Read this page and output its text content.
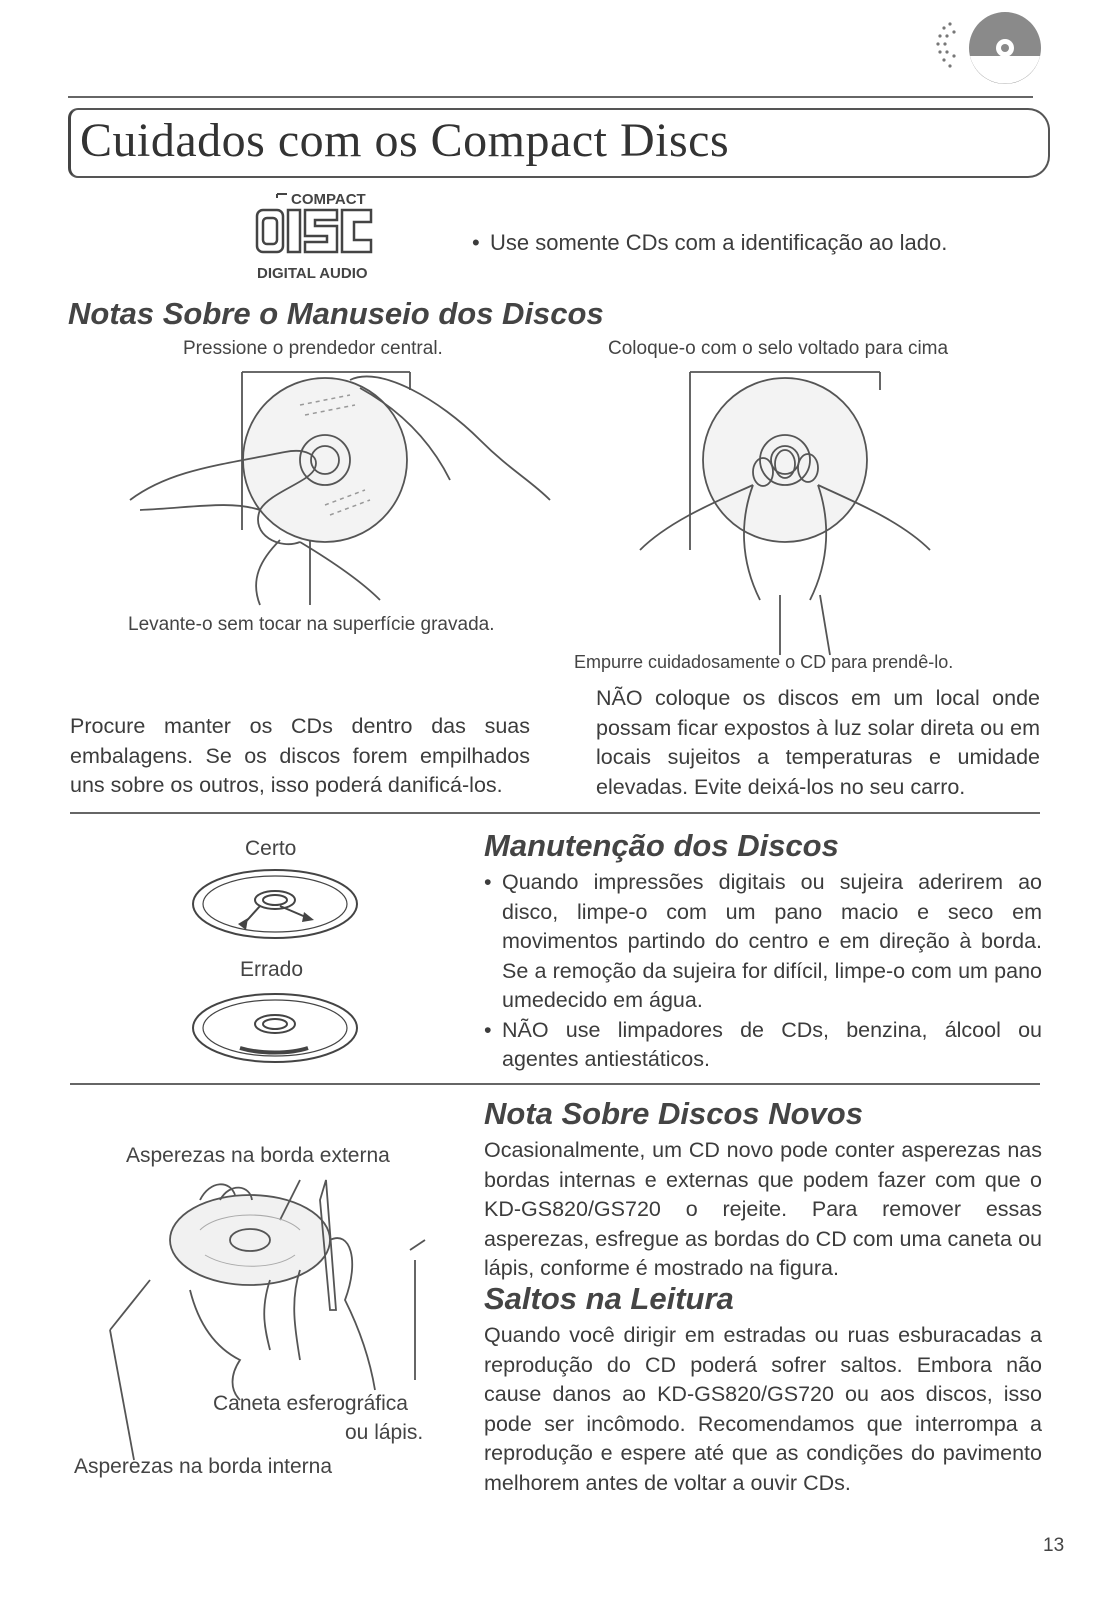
Cuidados com os Compact Discs
COMPACT
DIGITAL AUDIO
• Use somente CDs com a identificação ao lado.
Notas Sobre o Manuseio dos Discos
Pressione o prendedor central.	Coloque-o com o selo voltado para cima
Levante-o sem tocar na superfície gravada.
Empurre cuidadosamente o CD para prendê-lo.
Procure manter os CDs dentro das suas embalagens. Se os discos forem empilhados uns sobre os outros, isso poderá danificá-los.
NÃO coloque os discos em um local onde possam ficar expostos à luz solar direta ou em locais sujeitos a temperaturas e umidade elevadas. Evite deixá-los no seu carro.
Certo
Errado
Manutenção dos Discos
• Quando impressões digitais ou sujeira aderirem ao disco, limpe-o com um pano macio e seco em movimentos partindo do centro e em direção à borda. Se a remoção da sujeira for difícil, limpe-o com um pano umedecido em água.
• NÃO use limpadores de CDs, benzina, álcool ou agentes antiestáticos.
Asperezas na borda externa
Caneta esferográfica
ou lápis.
Asperezas na borda interna
Nota Sobre Discos Novos
Ocasionalmente, um CD novo pode conter asperezas nas bordas internas e externas que podem fazer com que o KD-GS820/GS720 o rejeite. Para remover essas asperezas, esfregue as bordas do CD com uma caneta ou lápis, conforme é mostrado na figura.
Saltos na Leitura
Quando você dirigir em estradas ou ruas esburacadas a reprodução do CD poderá sofrer saltos. Embora não cause danos ao KD-GS820/GS720 ou aos discos, isso pode ser incômodo. Recomendamos que interrompa a reprodução e espere até que as condições do pavimento melhorem antes de voltar a ouvir CDs.
13
